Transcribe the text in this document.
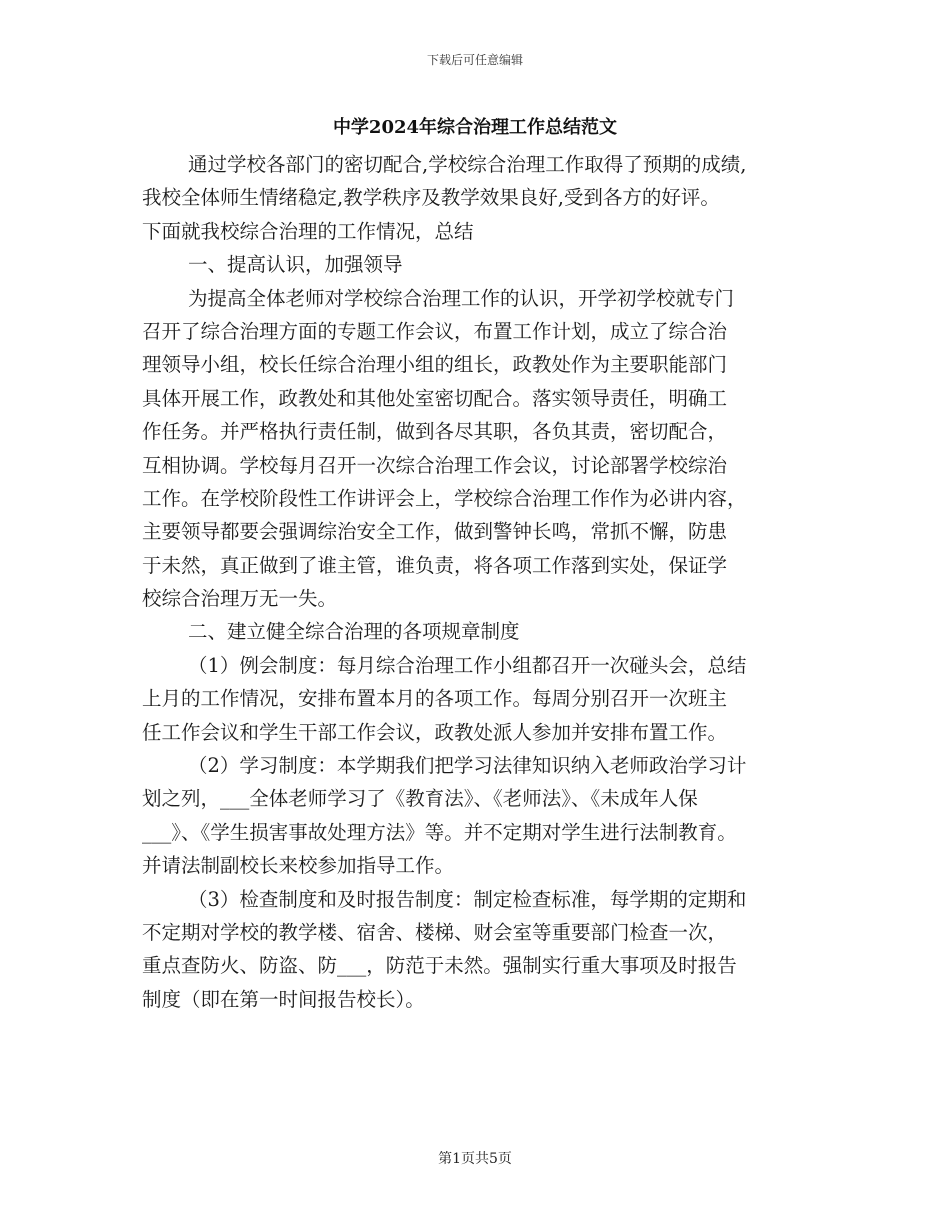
下载后可任意编辑
中学2024年综合治理工作总结范文
通过学校各部门的密切配合,学校综合治理工作取得了预期的成绩,
我校全体师生情绪稳定,教学秩序及教学效果良好,受到各方的好评。
下面就我校综合治理的工作情况，总结
一、提高认识，加强领导
为提高全体老师对学校综合治理工作的认识，开学初学校就专门
召开了综合治理方面的专题工作会议，布置工作计划，成立了综合治
理领导小组，校长任综合治理小组的组长，政教处作为主要职能部门
具体开展工作，政教处和其他处室密切配合。落实领导责任，明确工
作任务。并严格执行责任制，做到各尽其职，各负其责，密切配合，
互相协调。学校每月召开一次综合治理工作会议，讨论部署学校综治
工作。在学校阶段性工作讲评会上，学校综合治理工作作为必讲内容，
主要领导都要会强调综治安全工作，做到警钟长鸣，常抓不懈，防患
于未然，真正做到了谁主管，谁负责，将各项工作落到实处，保证学
校综合治理万无一失。
二、建立健全综合治理的各项规章制度
（1）例会制度：每月综合治理工作小组都召开一次碰头会，总结
上月的工作情况，安排布置本月的各项工作。每周分别召开一次班主
任工作会议和学生干部工作会议，政教处派人参加并安排布置工作。
（2）学习制度：本学期我们把学习法律知识纳入老师政治学习计
划之列，___全体老师学习了《教育法》、《老师法》、《未成年人保
___》、《学生损害事故处理方法》等。并不定期对学生进行法制教育。
并请法制副校长来校参加指导工作。
（3）检查制度和及时报告制度：制定检查标准，每学期的定期和
不定期对学校的教学楼、宿舍、楼梯、财会室等重要部门检查一次，
重点查防火、防盗、防___，防范于未然。强制实行重大事项及时报告
制度（即在第一时间报告校长）。
第1页共5页
